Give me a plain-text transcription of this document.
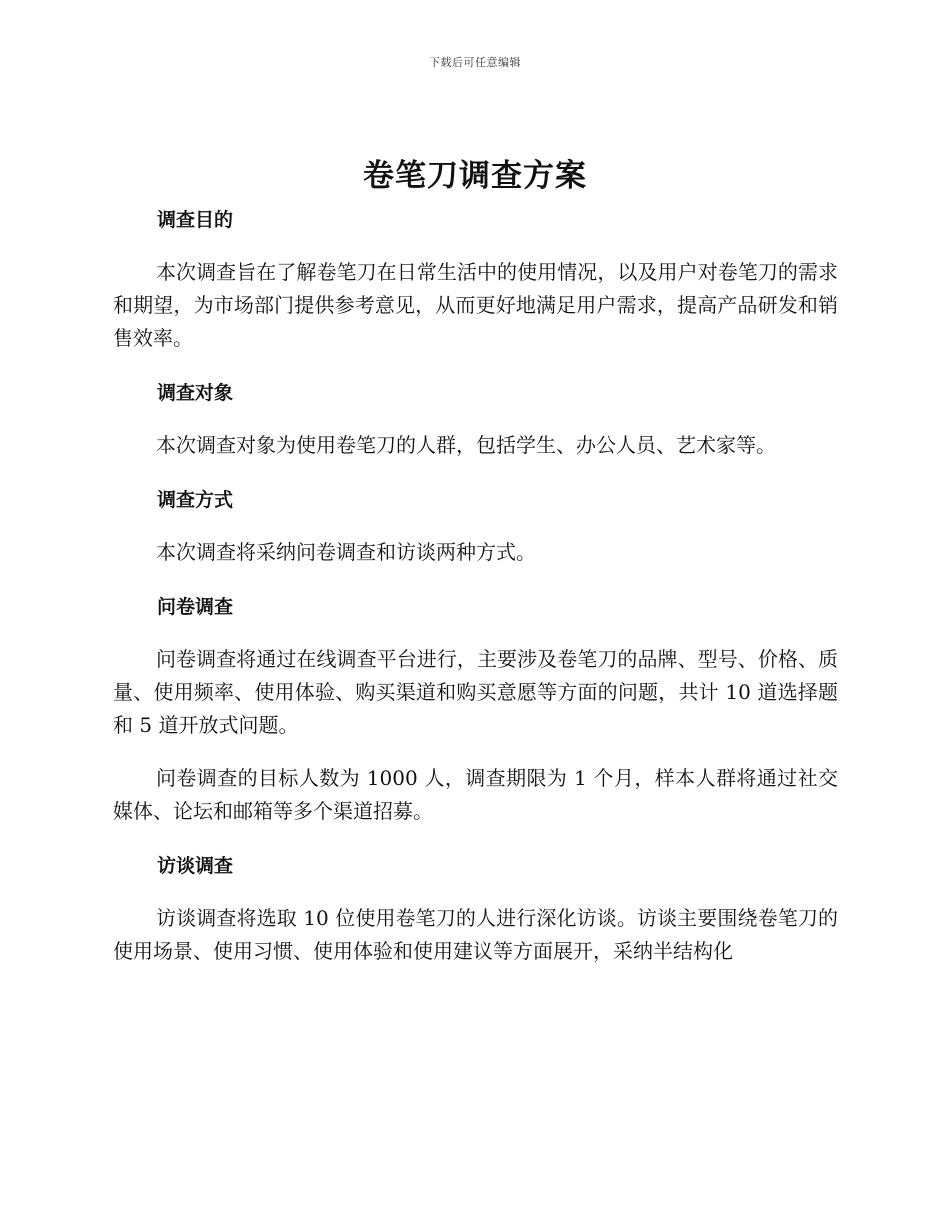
下载后可任意编辑
卷笔刀调查方案
调查目的

本次调查旨在了解卷笔刀在日常生活中的使用情况，以及用户对卷笔刀的需求和期望，为市场部门提供参考意见，从而更好地满足用户需求，提高产品研发和销售效率。

调查对象

本次调查对象为使用卷笔刀的人群，包括学生、办公人员、艺术家等。

调查方式

本次调查将采纳问卷调查和访谈两种方式。

问卷调查

问卷调查将通过在线调查平台进行，主要涉及卷笔刀的品牌、型号、价格、质量、使用频率、使用体验、购买渠道和购买意愿等方面的问题，共计 10 道选择题和 5 道开放式问题。

问卷调查的目标人数为 1000 人，调查期限为 1 个月，样本人群将通过社交媒体、论坛和邮箱等多个渠道招募。

访谈调查

访谈调查将选取 10 位使用卷笔刀的人进行深化访谈。访谈主要围绕卷笔刀的使用场景、使用习惯、使用体验和使用建议等方面展开，采纳半结构化
